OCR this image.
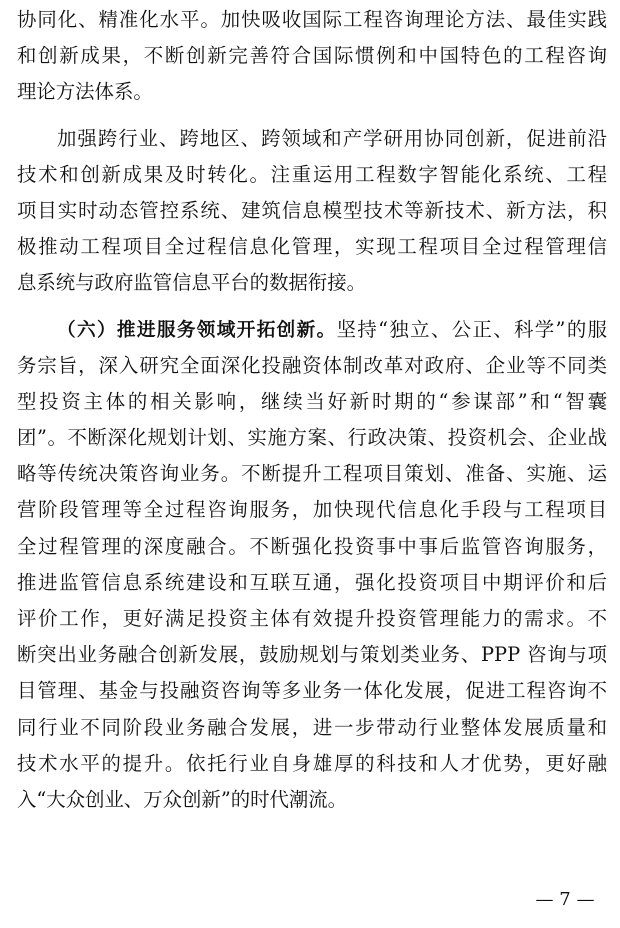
协同化、精准化水平。加快吸收国际工程咨询理论方法、最佳实践
和创新成果，不断创新完善符合国际惯例和中国特色的工程咨询
理论方法体系。
加强跨行业、跨地区、跨领域和产学研用协同创新，促进前沿
技术和创新成果及时转化。注重运用工程数字智能化系统、工程
项目实时动态管控系统、建筑信息模型技术等新技术、新方法，积
极推动工程项目全过程信息化管理，实现工程项目全过程管理信
息系统与政府监管信息平台的数据衔接。
（六）推进服务领域开拓创新。坚持“独立、公正、科学”的服
务宗旨，深入研究全面深化投融资体制改革对政府、企业等不同类
型投资主体的相关影响，继续当好新时期的“参谋部”和“智囊
团”。不断深化规划计划、实施方案、行政决策、投资机会、企业战
略等传统决策咨询业务。不断提升工程项目策划、准备、实施、运
营阶段管理等全过程咨询服务，加快现代信息化手段与工程项目
全过程管理的深度融合。不断强化投资事中事后监管咨询服务，
推进监管信息系统建设和互联互通，强化投资项目中期评价和后
评价工作，更好满足投资主体有效提升投资管理能力的需求。不
断突出业务融合创新发展，鼓励规划与策划类业务、PPP 咨询与项
目管理、基金与投融资咨询等多业务一体化发展，促进工程咨询不
同行业不同阶段业务融合发展，进一步带动行业整体发展质量和
技术水平的提升。依托行业自身雄厚的科技和人才优势，更好融
入“大众创业、万众创新”的时代潮流。
— 7 —
